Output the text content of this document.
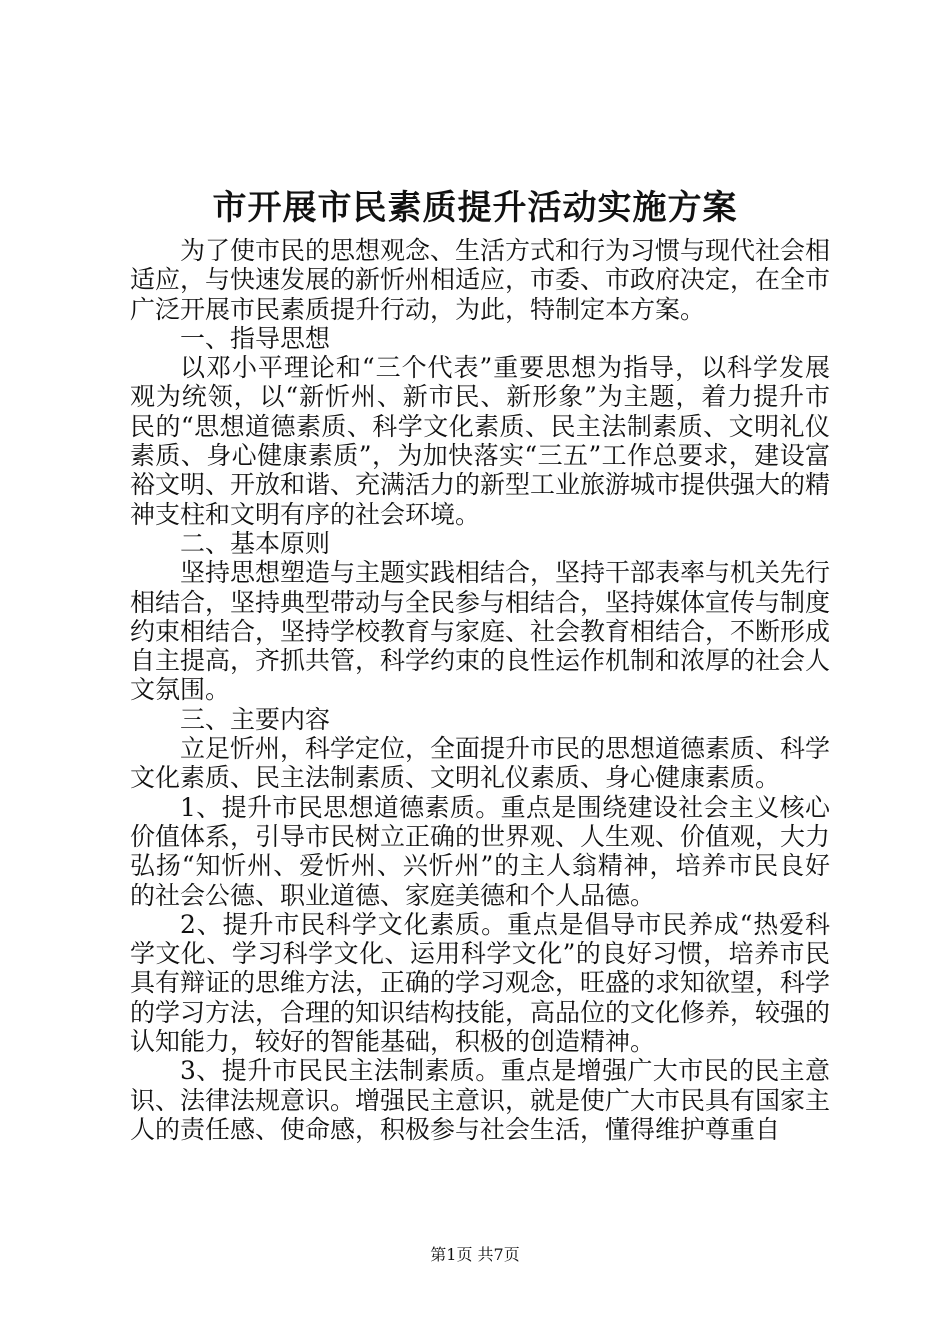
市开展市民素质提升活动实施方案

为了使市民的思想观念、生活方式和行为习惯与现代社会相适应，与快速发展的新忻州相适应，市委、市政府决定，在全市广泛开展市民素质提升行动，为此，特制定本方案。

一、指导思想

以邓小平理论和“三个代表”重要思想为指导，以科学发展观为统领，以“新忻州、新市民、新形象”为主题，着力提升市民的“思想道德素质、科学文化素质、民主法制素质、文明礼仪素质、身心健康素质”，为加快落实“三五”工作总要求，建设富裕文明、开放和谐、充满活力的新型工业旅游城市提供强大的精神支柱和文明有序的社会环境。

二、基本原则

坚持思想塑造与主题实践相结合，坚持干部表率与机关先行相结合，坚持典型带动与全民参与相结合，坚持媒体宣传与制度约束相结合，坚持学校教育与家庭、社会教育相结合，不断形成自主提高，齐抓共管，科学约束的良性运作机制和浓厚的社会人文氛围。

三、主要内容

立足忻州，科学定位，全面提升市民的思想道德素质、科学文化素质、民主法制素质、文明礼仪素质、身心健康素质。

1、提升市民思想道德素质。重点是围绕建设社会主义核心价值体系，引导市民树立正确的世界观、人生观、价值观，大力弘扬“知忻州、爱忻州、兴忻州”的主人翁精神，培养市民良好的社会公德、职业道德、家庭美德和个人品德。

2、提升市民科学文化素质。重点是倡导市民养成“热爱科学文化、学习科学文化、运用科学文化”的良好习惯，培养市民具有辩证的思维方法，正确的学习观念，旺盛的求知欲望，科学的学习方法，合理的知识结构技能，高品位的文化修养，较强的认知能力，较好的智能基础，积极的创造精神。

3、提升市民民主法制素质。重点是增强广大市民的民主意识、法律法规意识。增强民主意识，就是使广大市民具有国家主人的责任感、使命感，积极参与社会生活，懂得维护尊重自

第1页 共7页
